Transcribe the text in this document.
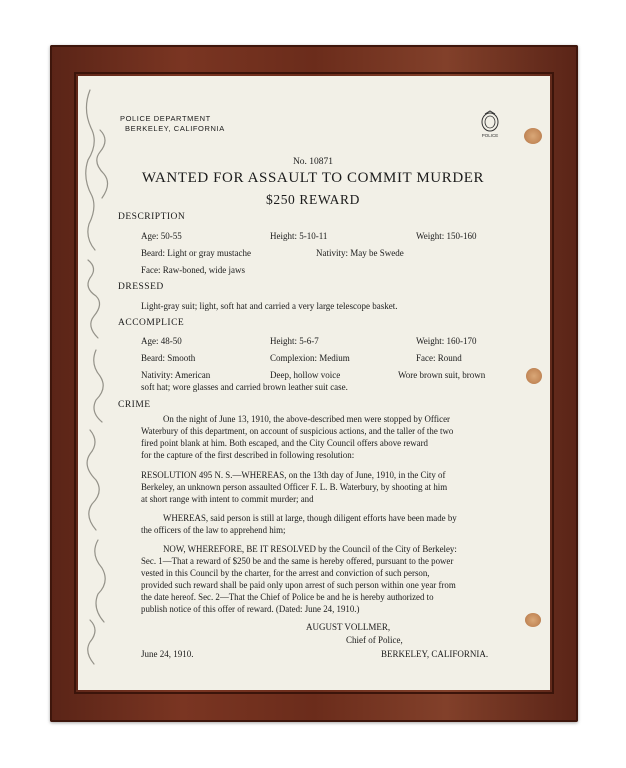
POLICE DEPARTMENT
BERKELEY, CALIFORNIA
POLICE
No. 10871
WANTED FOR ASSAULT TO COMMIT MURDER
$250 REWARD
DESCRIPTION
Age: 50-55	Height: 5-10-11	Weight: 150-160
Beard: Light or gray mustache	Nativity: May be Swede
Face: Raw-boned, wide jaws
DRESSED
Light-gray suit; light, soft hat and carried a very large telescope basket.
ACCOMPLICE
Age: 48-50	Height: 5-6-7	Weight: 160-170
Beard: Smooth	Complexion: Medium	Face: Round
Nativity: American	Deep, hollow voice	Wore brown suit, brown
soft hat; wore glasses and carried brown leather suit case.
CRIME
On the night of June 13, 1910, the above-described men were stopped by Officer
Waterbury of this department, on account of suspicious actions, and the taller of the two
fired point blank at him. Both escaped, and the City Council offers above reward
for the capture of the first described in following resolution:
RESOLUTION 495 N. S.—WHEREAS, on the 13th day of June, 1910, in the City of
Berkeley, an unknown person assaulted Officer F. L. B. Waterbury, by shooting at him
at short range with intent to commit murder; and
WHEREAS, said person is still at large, though diligent efforts have been made by
the officers of the law to apprehend him;
NOW, WHEREFORE, BE IT RESOLVED by the Council of the City of Berkeley:
Sec. 1—That a reward of $250 be and the same is hereby offered, pursuant to the power
vested in this Council by the charter, for the arrest and conviction of such person,
provided such reward shall be paid only upon arrest of such person within one year from
the date hereof. Sec. 2—That the Chief of Police be and he is hereby authorized to
publish notice of this offer of reward. (Dated: June 24, 1910.)
AUGUST VOLLMER,
Chief of Police,
June 24, 1910.	BERKELEY, CALIFORNIA.
